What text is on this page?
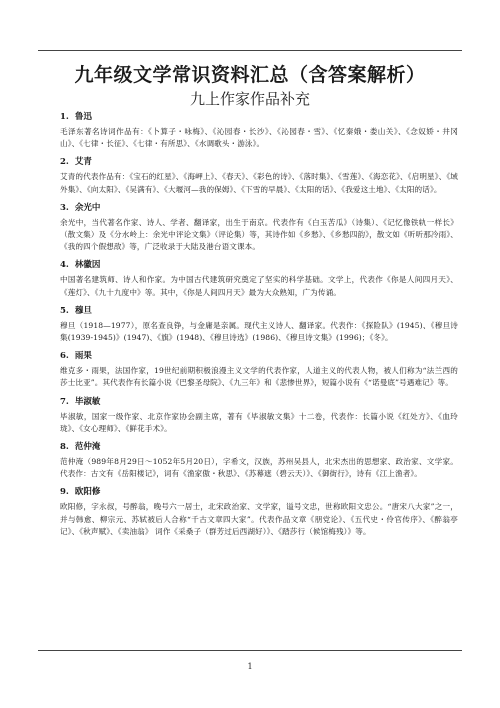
九年级文学常识资料汇总（含答案解析）
九上作家作品补充
1. 鲁迅
毛泽东著名诗词作品有：《卜算子・咏梅》、《沁园春・长沙》、《沁园春・雪》、《忆秦娥・娄山关》、《念奴娇・井冈山》、《七律・长征》、《七律・有所思》、《水调歌头・游泳》。
2. 艾青
艾青的代表作品有：《宝石的红星》、《海岬上》、《春天》、《彩色的诗》、《落时集》、《雪莲》、《海恋花》、《启明星》、《域外集》、《向太阳》、《吴满有》、《大堰河—我的保姆》、《下雪的早晨》、《太阳的话》、《我爱这土地》、《太阳的话》。
3. 余光中
余光中，当代著名作家、诗人、学者、翻译家，出生于南京。代表作有《白玉苦瓜》（诗集）、《记忆像铁轨一样长》（散文集）及《分水岭上：余光中评论文集》（评论集）等，其诗作如《乡愁》、《乡愁四韵》，散文如《听听那冷雨》、《我的四个假想敌》等，广泛收录于大陆及港台语文课本。
4. 林徽因
中国著名建筑师、诗人和作家。为中国古代建筑研究奠定了坚实的科学基础。文学上，代表作《你是人间四月天》、《莲灯》、《九十九度中》等。其中，《你是人间四月天》最为大众熟知，广为传诵。
5. 穆旦
穆旦（1918—1977），原名查良铮，与金庸是亲属。现代主义诗人、翻译家。代表作：《探险队》(1945)、《穆旦诗集(1939-1945)》(1947)、《旗》(1948)、《穆旦诗选》(1986)、《穆旦诗文集》(1996)；《冬》。
6. 雨果
维克多・雨果，法国作家，19世纪前期积极浪漫主义文学的代表作家，人道主义的代表人物，被人们称为“法兰西的莎士比亚”。其代表作有长篇小说《巴黎圣母院》、《九三年》和《悲惨世界》，短篇小说有《“诺曼底”号遇难记》等。
7. 毕淑敏
毕淑敏，国家一级作家、北京作家协会副主席，著有《毕淑敏文集》十二卷，代表作：长篇小说《红处方》、《血玲珑》、《女心理师》、《鲜花手术》。
8. 范仲淹
范仲淹（989年8月29日～1052年5月20日），字希文，汉族，苏州吴县人，北宋杰出的思想家、政治家、文学家。代表作：古文有《岳阳楼记》，词有《渔家傲・秋思》、《苏幕遮（碧云天）》、《御街行》，诗有《江上渔者》。
9. 欧阳修
欧阳修，字永叔，号醉翁，晚号六一居士，北宋政治家、文学家，谥号文忠，世称欧阳文忠公。“唐宋八大家”之一，并与韩愈、柳宗元、苏轼被后人合称“千古文章四大家”。代表作品文章《朋党论》、《五代史・伶官传序》、《醉翁亭记》、《秋声赋》、《卖油翁》 词作《采桑子（群芳过后西湖好）》、《踏莎行（候馆梅残）》等。
1
